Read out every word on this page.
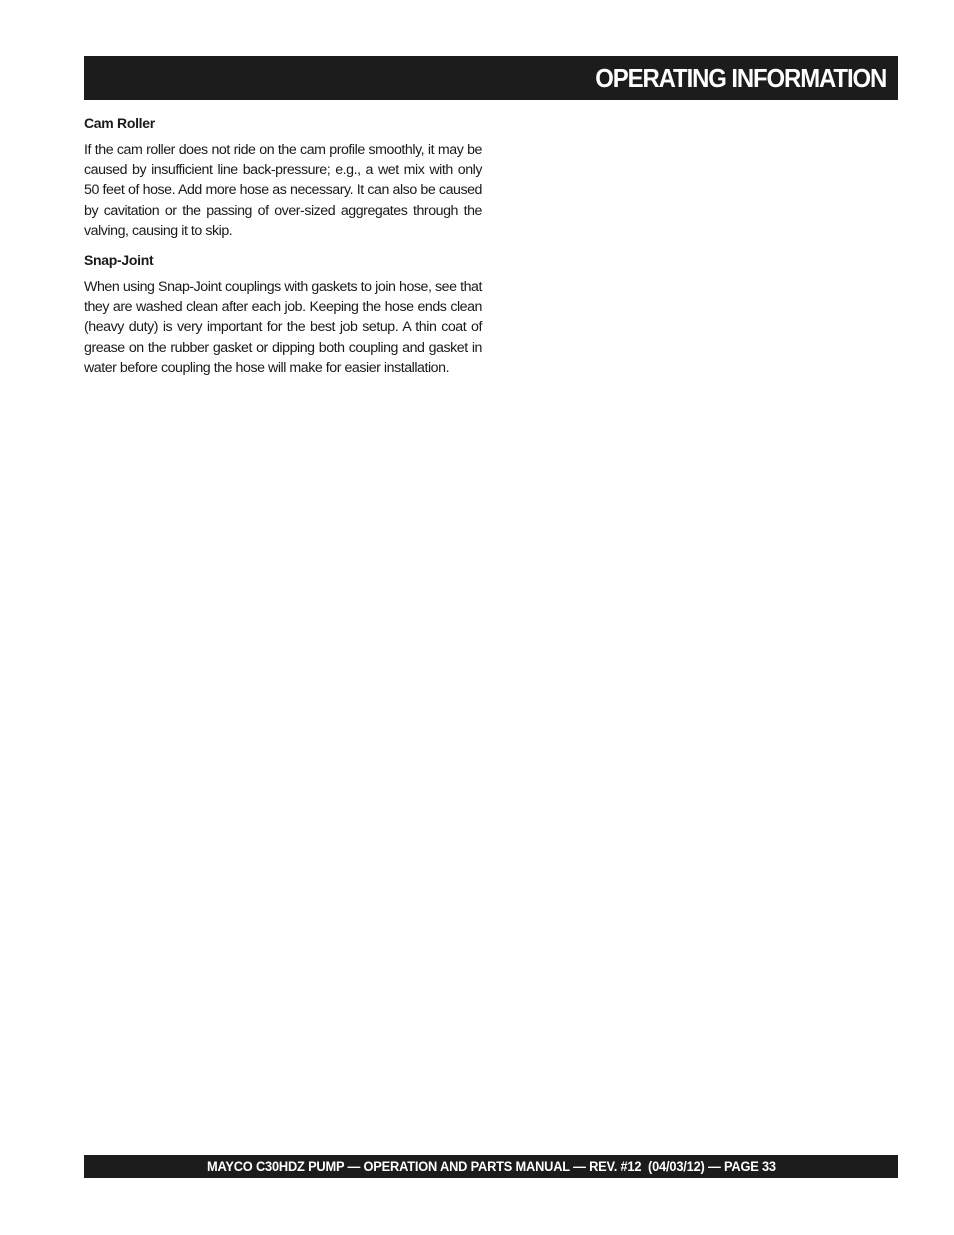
OPERATING INFORMATION
Cam Roller

If the cam roller does not ride on the cam profile smoothly, it may be caused by insufficient line back-pressure; e.g., a wet mix with only 50 feet of hose. Add more hose as necessary. It can also be caused by cavitation or the passing of over-sized aggregates through the valving, causing it to skip.

Snap-Joint

When using Snap-Joint couplings with gaskets to join hose, see that they are washed clean after each job. Keeping the hose ends clean (heavy duty) is very important for the best job setup. A thin coat of grease on the rubber gasket or dipping both coupling and gasket in water before coupling the hose will make for easier installation.

MAYCO C30HDZ PUMP — OPERATION AND PARTS MANUAL — REV. #12  (04/03/12) — PAGE 33
